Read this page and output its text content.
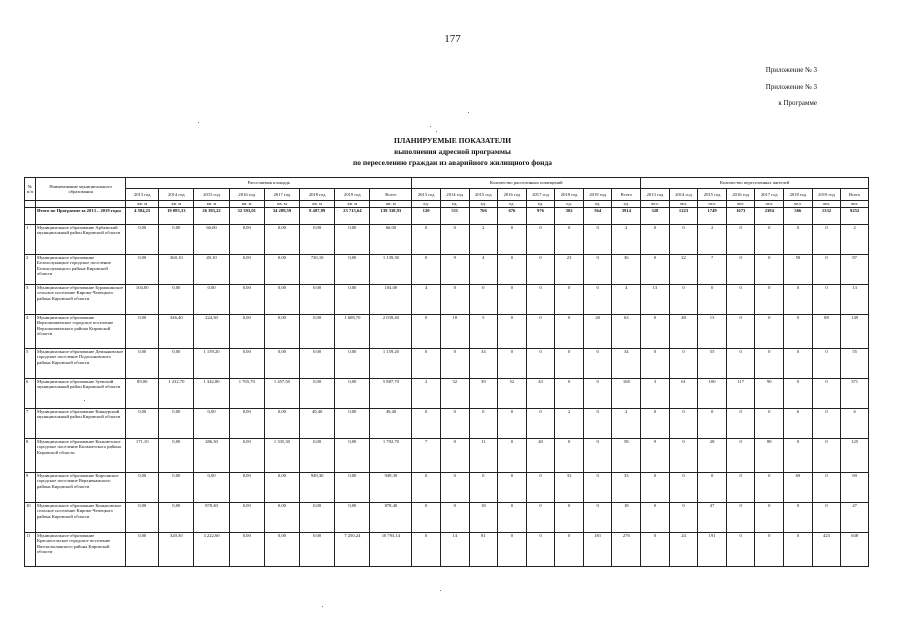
177
Приложение № 3
Приложение № 3
к Программе
ПЛАНИРУЕМЫЕ ПОКАЗАТЕЛИ
выполнения адресной программы
по переселению граждан из аварийного жилищного фонда
№ п/п	Наименование муниципального образования	Расселяемая площадь								Количество расселенных помещений								Количество переселенных жителей							
		2013 год	2014 год	2015 год	2016 год	2017 год	2018 год	2019 год	Всего	2013 год	2014 год	2015 год	2016 год	2017 год	2018 год	2019 год	Всего	2013 год	2014 год	2015 год	2016 год	2017 год	2018 год	2019 год	Всего
		кв. м	кв. м	кв. м	кв. м	кв. м	кв. м	кв. м	кв. м	ед.	ед.	ед.	ед.	ед.	ед.	ед.	ед.	чел.	чел.	чел.	чел.	чел.	чел.	чел.	чел.
	Итого по Программе за 2013 – 2019 годы	4 584,25	19 085,33	26 383,22	32 393,01	34 289,59	8 487,89	23 715,64	139 338,93	120	511	766	676	976	302	564	3914	328	1223	1749	1673	2384	566	1332	9252
1	Муниципальное образование Арбажский муниципальный район Кировской области	0,00	0,00	66,00	0,00	0,00	0,00	0,00	66,00	0	0	2	0	0	0	0	2	0	0	2	0	0	0	0	2
2	Муниципальное образование Белохолуницкое городское поселение Белохолуницкого района Кировской области	0,00	360,10	49,10	0,00	0,00	730,10	0,00	1 139,30	0	9	4	0	0	23	0	36	0	22	7	0	0	58	0	87
3	Муниципальное образование Бурмакинское сельское поселение Кирово-Чепецкого района Кировской области	104,00	0,00	0,00	0,00	0,00	0,00	0,00	104,00	4	0	0	0	0	0	0	4	13	0	0	0	0	0	0	13
4	Муниципальное образование Верхошижемское городское поселение Верхошижемского района Кировской области	0,00	346,40	224,30	0,00	0,00	0,00	1 608,70	2 039,40	0	18	5	0	0	0	40	63	0	48	13	0	0	0	88	149
5	Муниципальное образование Демьяновское городское поселение Подосиновского района Кировской области	0,00	0,00	1 159,20	0,00	0,00	0,00	0,00	1 159,20	0	0	34	0	0	0	0	34	0	0	55	0	0	0	0	55
6	Муниципальное образование Зуевский муниципальный район Кировской области	89,00	1 232,70	1 342,80	1 765,70	1 457,50	0,00	0,00	5 887,70	2	32	39	52	43	0	0	168	3	61	100	117	90	0	0	371
7	Муниципальное образование Кикнурский муниципальный район Кировской области	0,00	0,00	0,00	0,00	0,00	49,40	0,00	49,40	0	0	0	0	0	2	0	2	0	0	0	0	0	6	0	6
8	Муниципальное образование Кильмезское городское поселение Кильмезского района Кировской области	171,10	0,00	286,30	0,00	1 335,30	0,00	0,00	1 792,70	7	0	11	0	40	0	0	58	9	0	28	0	88	0	0	125
9	Муниципальное образование Кирсинское городское поселение Верхнекамского района Кировской области	0,00	0,00	0,00	0,00	0,00	949,30	0,00	949,30	0	0	0	0	0	33	0	33	0	0	0	0	0	69	0	69
10	Муниципальное образование Коныповское сельское поселение Кирово-Чепецкого района Кировской области	0,00	0,00	878,40	0,00	0,00	0,00	0,00	878,40	0	0	18	0	0	0	0	18	0	0	47	0	0	0	0	47
11	Муниципальное образование Красносельское городское поселение Вятскополянского района Кировской области	0,00	320,30	3 222,60	0,00	0,00	0,00	7 250,24	10 793,14	0	14	81	0	0	0	181	276	0	24	191	0	0	0	423	638
